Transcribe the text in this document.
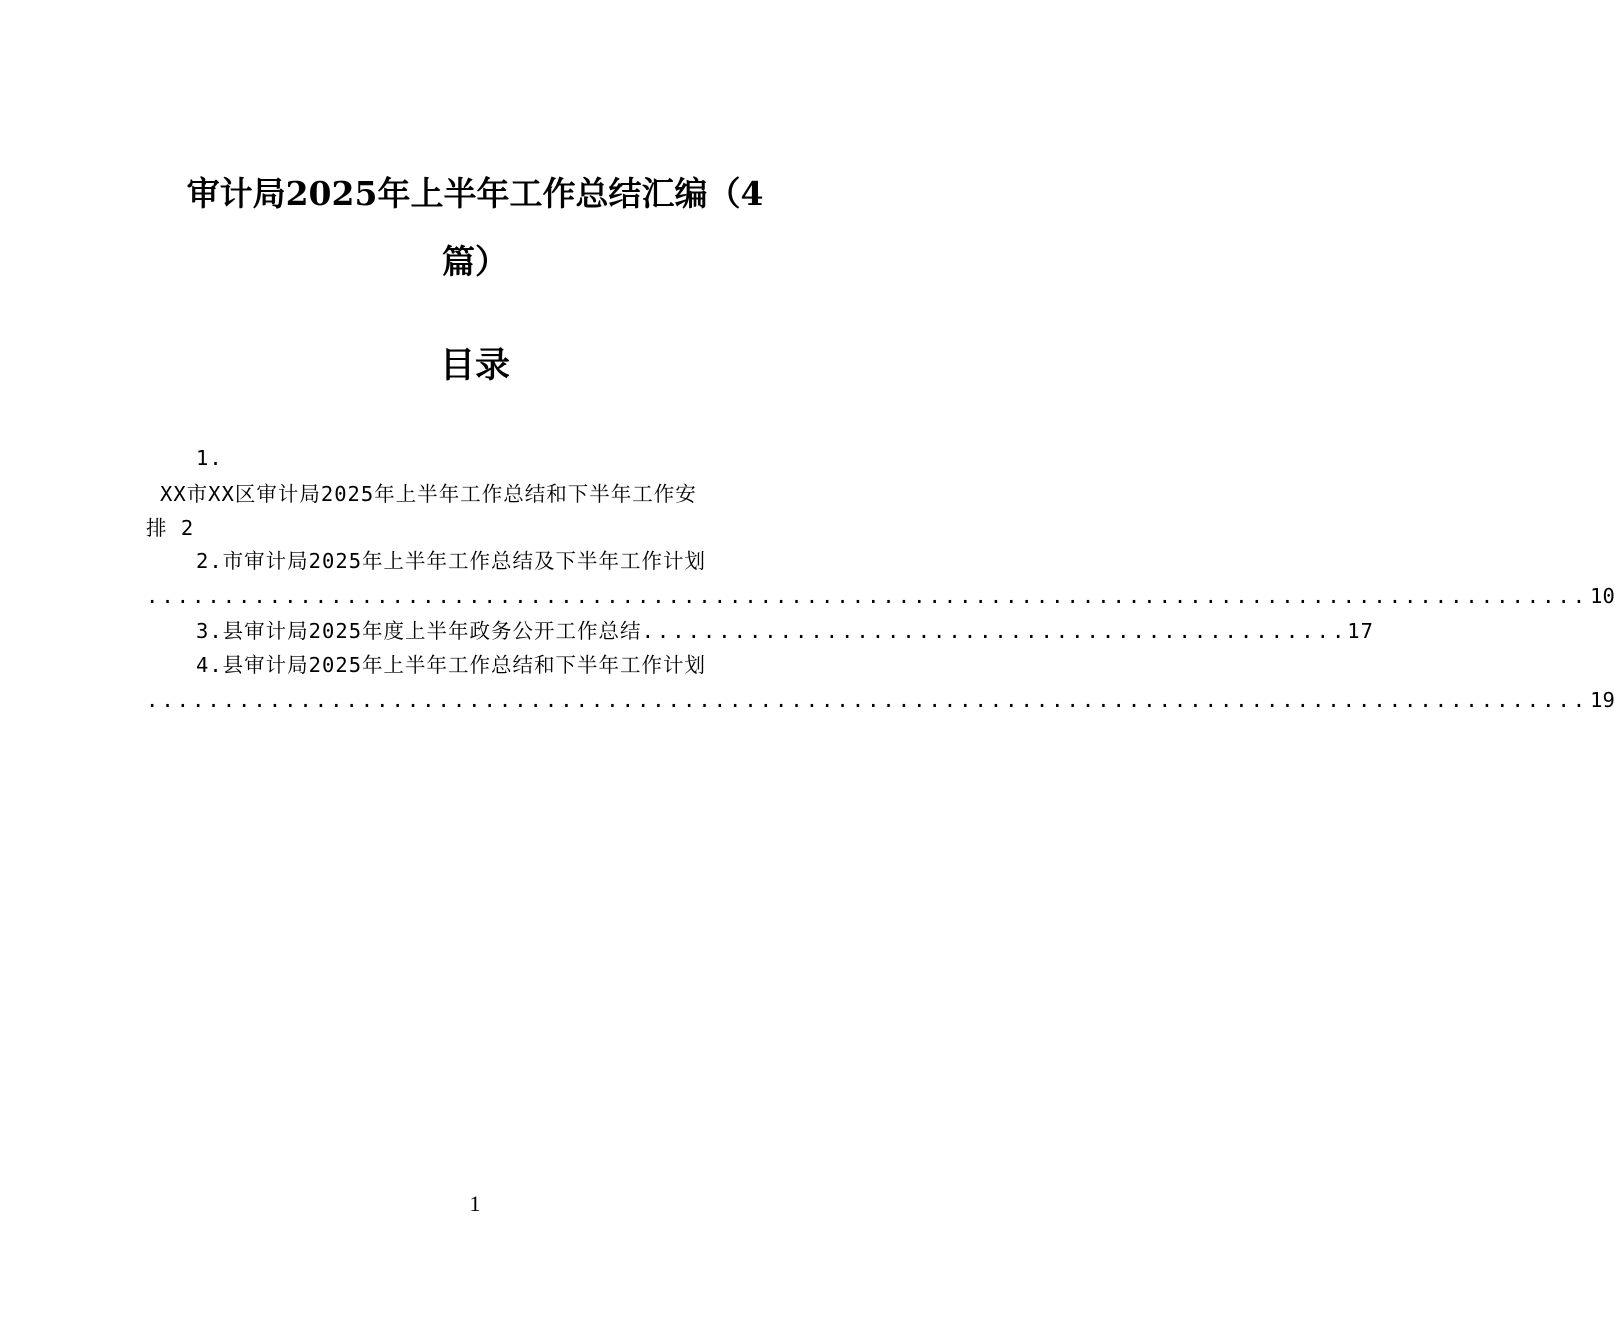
审计局2025年上半年工作总结汇编（4
篇）
目录
1.
XX市XX区审计局2025年上半年工作总结和下半年工作安
排 2
2.市审计局2025年上半年工作总结及下半年工作计划
.............................................................................................. 10
3.县审计局2025年度上半年政务公开工作总结 .............................................. 17
4.县审计局2025年上半年工作总结和下半年工作计划
.............................................................................................. 19
1
